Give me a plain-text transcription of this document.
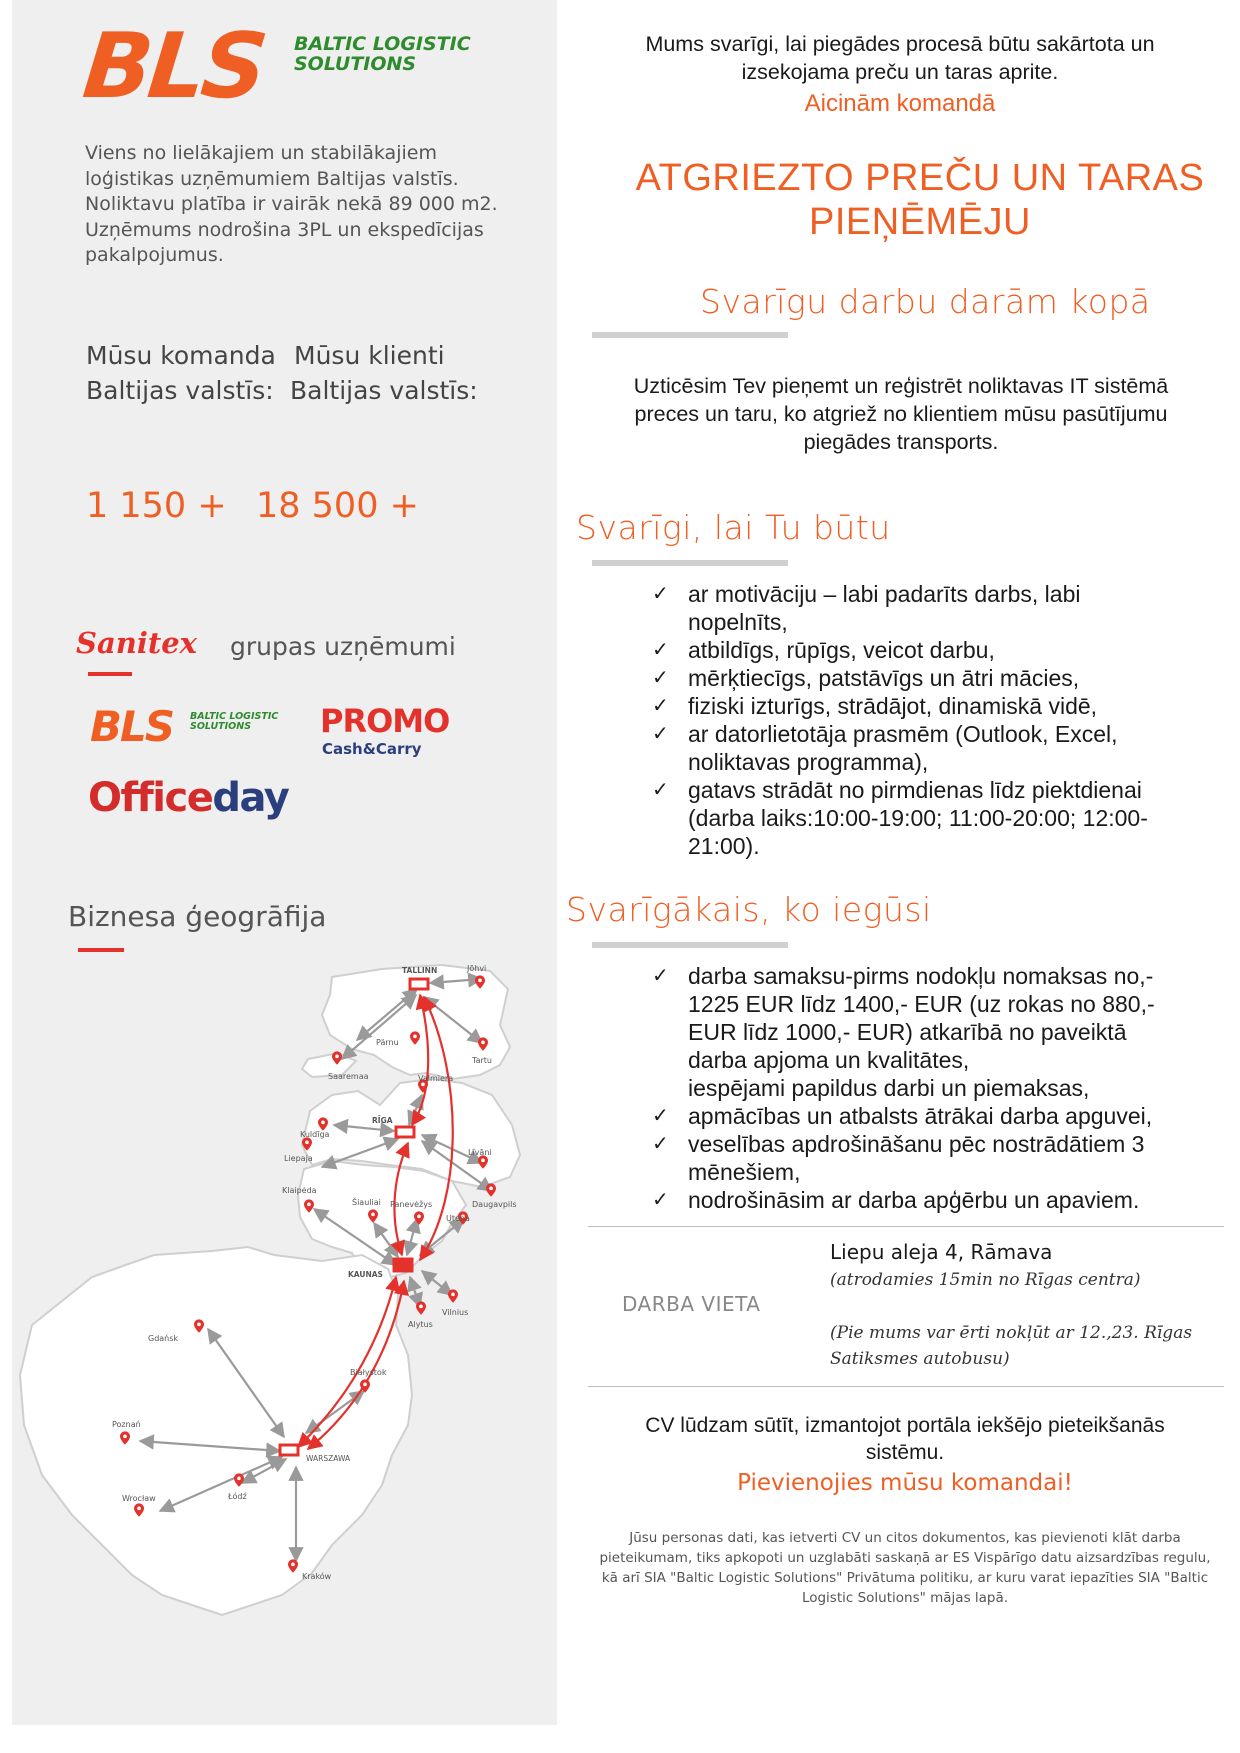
BLS BALTIC LOGISTIC
SOLUTIONS
Viens no lielākajiem un stabilākajiem
loģistikas uzņēmumiem Baltijas valstīs.
Noliktavu platība ir vairāk nekā 89 000 m2.
Uzņēmums nodrošina 3PL un ekspedīcijas
pakalpojumus.
Mūsu komanda
Baltijas valstīs:
Mūsu klienti
Baltijas valstīs:
1 150 + 18 500 +
Sanitex grupas uzņēmumi
BLS BALTIC LOGISTIC
SOLUTIONS	PROMO
Cash&Carry
Officeday
Biznesa ģeogrāfija
TALLINN	Jõhvi
Pärnu
Tartu
Saaremaa	Valmiera
RĪGA
Kuldīga
Liepaja
Līvāni
Daugavpils
Šiauliai Panevėžys
Klaipėda
Utena
KAUNAS
Vilnius
Alytus
Gdańsk
Białystok
Poznań
WARSZAWA
Łódź
Wrocław
Kraków
Mums svarīgi, lai piegādes procesā būtu sakārtota un
izsekojama preču un taras aprite.
Aicinām komandā
ATGRIEZTO PREČU UN TARAS
PIEŅĒMĒJU
Svarīgu darbu darām kopā
Uzticēsim Tev pieņemt un reģistrēt noliktavas IT sistēmā
preces un taru, ko atgriež no klientiem mūsu pasūtījumu
piegādes transports.
Svarīgi, lai Tu būtu
✓ ar motivāciju – labi padarīts darbs, labi
nopelnīts,
✓ atbildīgs, rūpīgs, veicot darbu,
✓ mērķtiecīgs, patstāvīgs un ātri mācies,
✓ fiziski izturīgs, strādājot, dinamiskā vidē,
✓ ar datorlietotāja prasmēm (Outlook, Excel,
noliktavas programma),
✓ gatavs strādāt no pirmdienas līdz piektdienai
(darba laiks:10:00-19:00; 11:00-20:00; 12:00-
21:00).
Svarīgākais, ko iegūsi
✓ darba samaksu-pirms nodokļu nomaksas no,-
1225 EUR līdz 1400,- EUR (uz rokas no 880,-
EUR līdz 1000,- EUR) atkarībā no paveiktā
darba apjoma un kvalitātes,
iespējami papildus darbi un piemaksas,
✓ apmācības un atbalsts ātrākai darba apguvei,
✓ veselības apdrošināšanu pēc nostrādātiem 3
mēnešiem,
✓ nodrošināsim ar darba apģērbu un apaviem.
DARBA VIETA
Liepu aleja 4, Rāmava
(atrodamies 15min no Rīgas centra)
(Pie mums var ērti nokļūt ar 12.,23. Rīgas
Satiksmes autobusu)
CV lūdzam sūtīt, izmantojot portāla iekšējo pieteikšanās
sistēmu.
Pievienojies mūsu komandai!
Jūsu personas dati, kas ietverti CV un citos dokumentos, kas pievienoti klāt darba
pieteikumam, tiks apkopoti un uzglabāti saskaņā ar ES Vispārīgo datu aizsardzības regulu,
kā arī SIA "Baltic Logistic Solutions" Privātuma politiku, ar kuru varat iepazīties SIA "Baltic
Logistic Solutions" mājas lapā.
